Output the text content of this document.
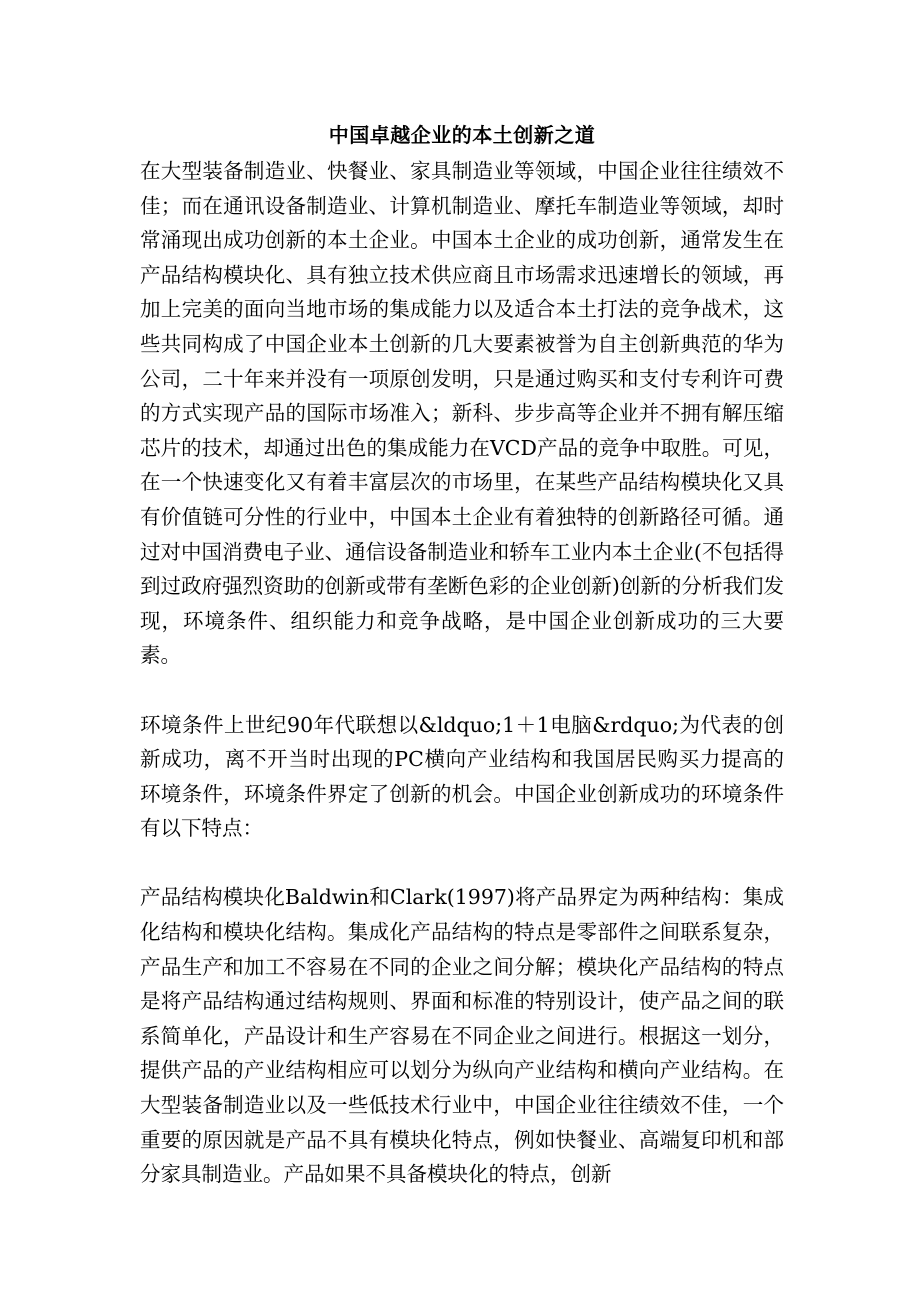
中国卓越企业的本土创新之道

在大型装备制造业、快餐业、家具制造业等领域，中国企业往往绩效不佳；而在通讯设备制造业、计算机制造业、摩托车制造业等领域，却时常涌现出成功创新的本土企业。中国本土企业的成功创新，通常发生在产品结构模块化、具有独立技术供应商且市场需求迅速增长的领域，再加上完美的面向当地市场的集成能力以及适合本土打法的竞争战术，这些共同构成了中国企业本土创新的几大要素被誉为自主创新典范的华为公司，二十年来并没有一项原创发明，只是通过购买和支付专利许可费的方式实现产品的国际市场准入；新科、步步高等企业并不拥有解压缩芯片的技术，却通过出色的集成能力在VCD产品的竞争中取胜。可见，在一个快速变化又有着丰富层次的市场里，在某些产品结构模块化又具有价值链可分性的行业中，中国本土企业有着独特的创新路径可循。通过对中国消费电子业、通信设备制造业和轿车工业内本土企业(不包括得到过政府强烈资助的创新或带有垄断色彩的企业创新)创新的分析我们发现，环境条件、组织能力和竞争战略，是中国企业创新成功的三大要素。

环境条件上世纪90年代联想以&ldquo;1＋1电脑&rdquo;为代表的创新成功，离不开当时出现的PC横向产业结构和我国居民购买力提高的环境条件，环境条件界定了创新的机会。中国企业创新成功的环境条件有以下特点：

产品结构模块化Baldwin和Clark(1997)将产品界定为两种结构：集成化结构和模块化结构。集成化产品结构的特点是零部件之间联系复杂，产品生产和加工不容易在不同的企业之间分解；模块化产品结构的特点是将产品结构通过结构规则、界面和标准的特别设计，使产品之间的联系简单化，产品设计和生产容易在不同企业之间进行。根据这一划分，提供产品的产业结构相应可以划分为纵向产业结构和横向产业结构。在大型装备制造业以及一些低技术行业中，中国企业往往绩效不佳，一个重要的原因就是产品不具有模块化特点，例如快餐业、高端复印机和部分家具制造业。产品如果不具备模块化的特点，创新
